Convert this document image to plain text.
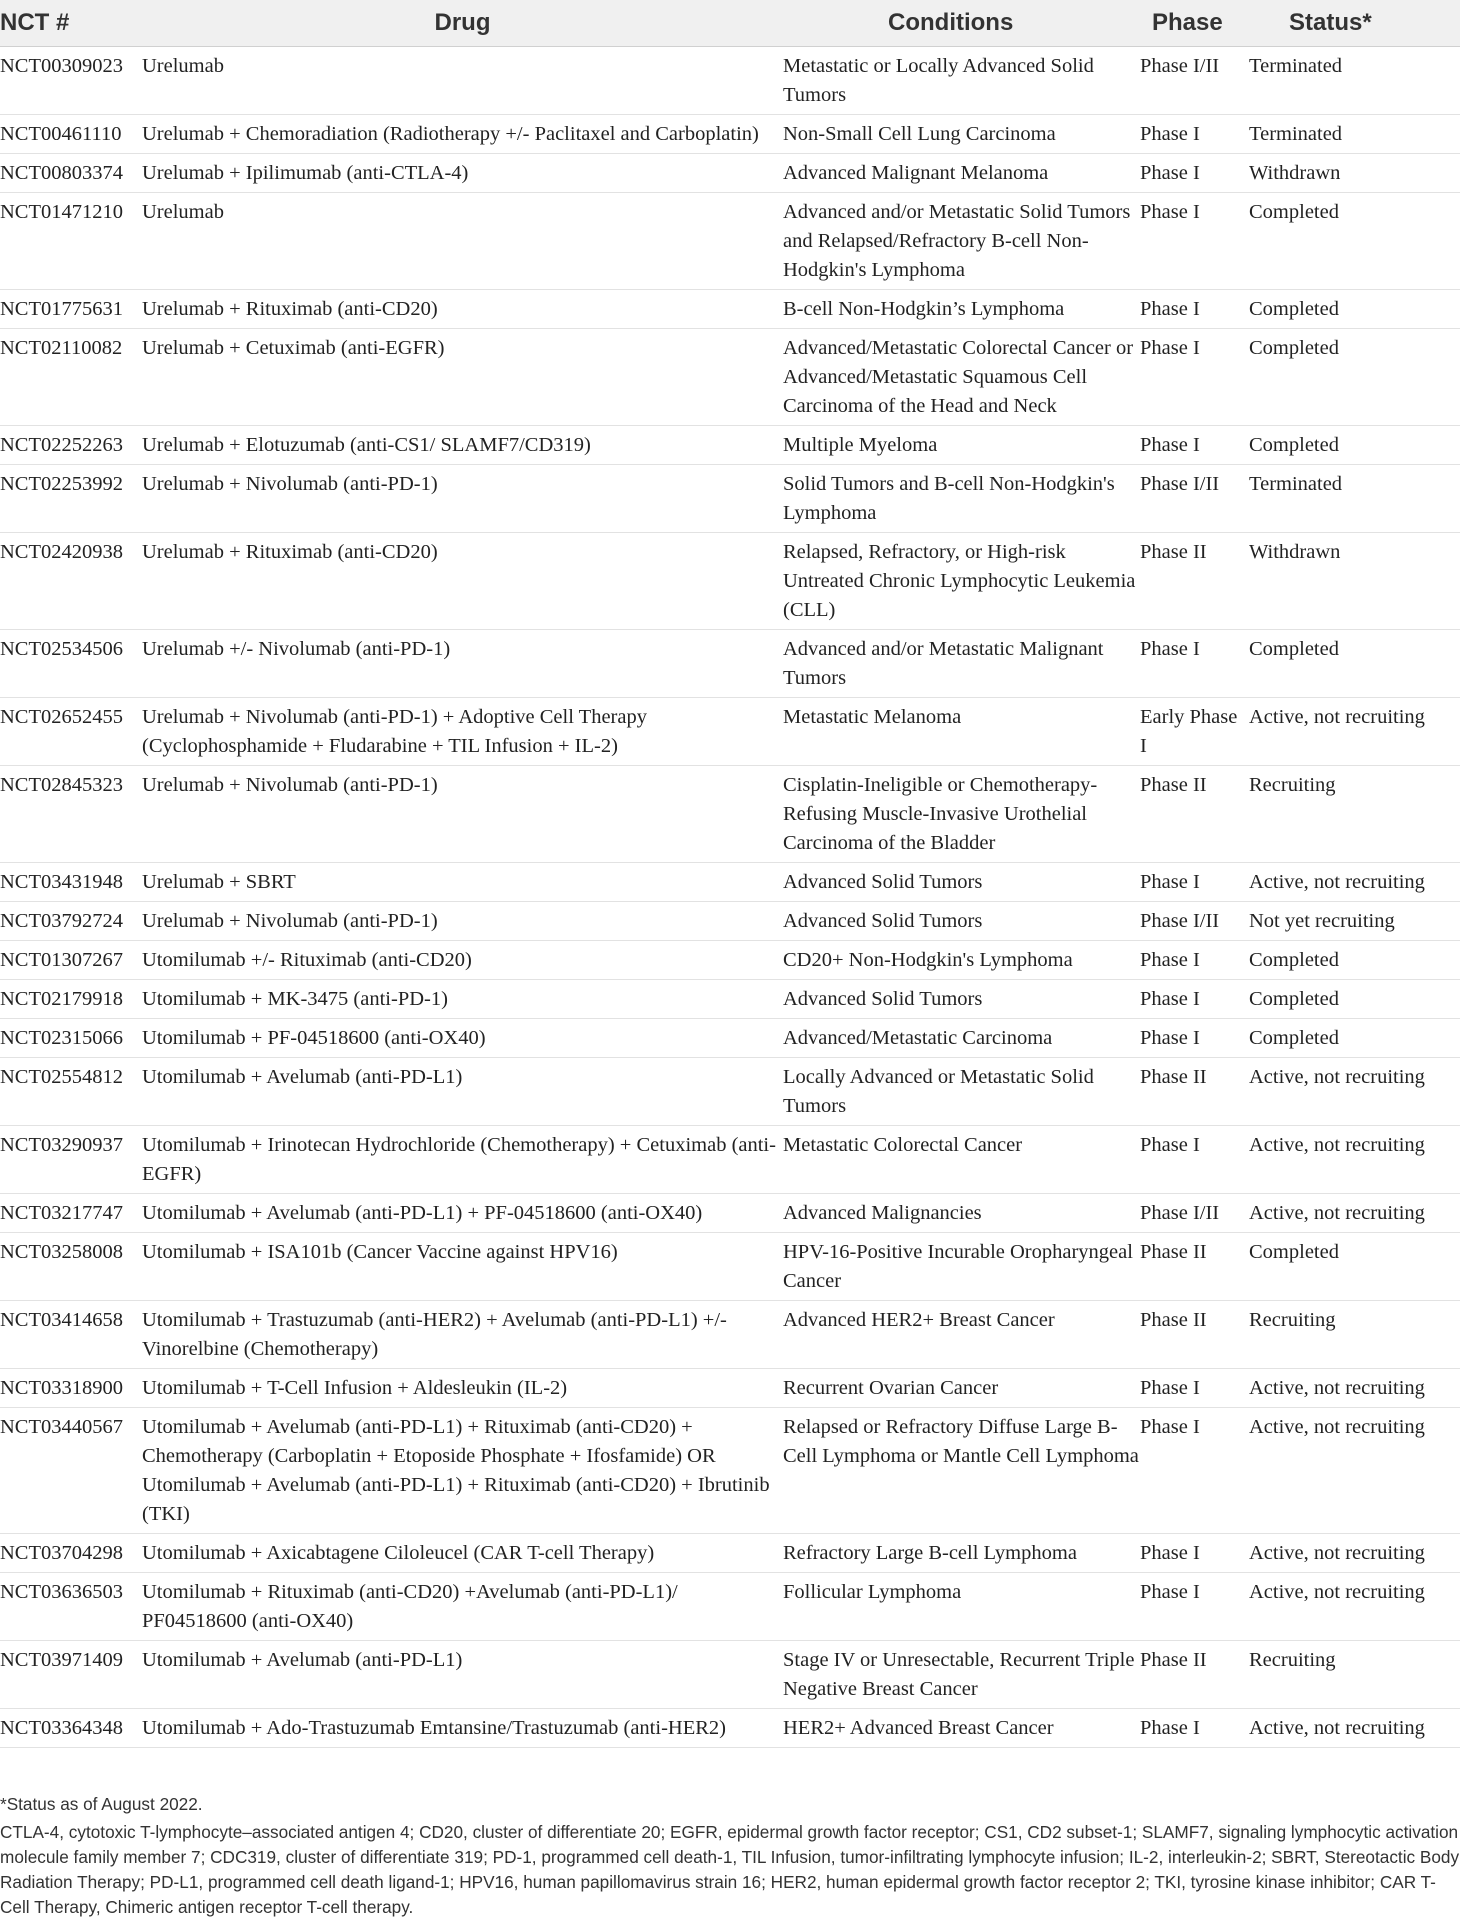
NCT #	Drug	Conditions	Phase	Status*
NCT00309023	Urelumab	Metastatic or Locally Advanced Solid Tumors	Phase I/II	Terminated
NCT00461110	Urelumab + Chemoradiation (Radiotherapy +/- Paclitaxel and Carboplatin)	Non-Small Cell Lung Carcinoma	Phase I	Terminated
NCT00803374	Urelumab + Ipilimumab (anti-CTLA-4)	Advanced Malignant Melanoma	Phase I	Withdrawn
NCT01471210	Urelumab	Advanced and/or Metastatic Solid Tumors and Relapsed/Refractory B-cell Non-Hodgkin's Lymphoma	Phase I	Completed
NCT01775631	Urelumab + Rituximab (anti-CD20)	B-cell Non-Hodgkin’s Lymphoma	Phase I	Completed
NCT02110082	Urelumab + Cetuximab (anti-EGFR)	Advanced/Metastatic Colorectal Cancer or Advanced/Metastatic Squamous Cell Carcinoma of the Head and Neck	Phase I	Completed
NCT02252263	Urelumab + Elotuzumab (anti-CS1/ SLAMF7/CD319)	Multiple Myeloma	Phase I	Completed
NCT02253992	Urelumab + Nivolumab (anti-PD-1)	Solid Tumors and B-cell Non-Hodgkin's Lymphoma	Phase I/II	Terminated
NCT02420938	Urelumab + Rituximab (anti-CD20)	Relapsed, Refractory, or High-risk Untreated Chronic Lymphocytic Leukemia (CLL)	Phase II	Withdrawn
NCT02534506	Urelumab +/- Nivolumab (anti-PD-1)	Advanced and/or Metastatic Malignant Tumors	Phase I	Completed
NCT02652455	Urelumab + Nivolumab (anti-PD-1) + Adoptive Cell Therapy (Cyclophosphamide + Fludarabine + TIL Infusion + IL-2)	Metastatic Melanoma	Early Phase I	Active, not recruiting
NCT02845323	Urelumab + Nivolumab (anti-PD-1)	Cisplatin-Ineligible or Chemotherapy-Refusing Muscle-Invasive Urothelial Carcinoma of the Bladder	Phase II	Recruiting
NCT03431948	Urelumab + SBRT	Advanced Solid Tumors	Phase I	Active, not recruiting
NCT03792724	Urelumab + Nivolumab (anti-PD-1)	Advanced Solid Tumors	Phase I/II	Not yet recruiting
NCT01307267	Utomilumab +/- Rituximab (anti-CD20)	CD20+ Non-Hodgkin's Lymphoma	Phase I	Completed
NCT02179918	Utomilumab + MK-3475 (anti-PD-1)	Advanced Solid Tumors	Phase I	Completed
NCT02315066	Utomilumab + PF-04518600 (anti-OX40)	Advanced/Metastatic Carcinoma	Phase I	Completed
NCT02554812	Utomilumab + Avelumab (anti-PD-L1)	Locally Advanced or Metastatic Solid Tumors	Phase II	Active, not recruiting
NCT03290937	Utomilumab + Irinotecan Hydrochloride (Chemotherapy) + Cetuximab (anti-EGFR)	Metastatic Colorectal Cancer	Phase I	Active, not recruiting
NCT03217747	Utomilumab + Avelumab (anti-PD-L1) + PF-04518600 (anti-OX40)	Advanced Malignancies	Phase I/II	Active, not recruiting
NCT03258008	Utomilumab + ISA101b (Cancer Vaccine against HPV16)	HPV-16-Positive Incurable Oropharyngeal Cancer	Phase II	Completed
NCT03414658	Utomilumab + Trastuzumab (anti-HER2) + Avelumab (anti-PD-L1) +/- Vinorelbine (Chemotherapy)	Advanced HER2+ Breast Cancer	Phase II	Recruiting
NCT03318900	Utomilumab + T-Cell Infusion + Aldesleukin (IL-2)	Recurrent Ovarian Cancer	Phase I	Active, not recruiting
NCT03440567	Utomilumab + Avelumab (anti-PD-L1) + Rituximab (anti-CD20) + Chemotherapy (Carboplatin + Etoposide Phosphate + Ifosfamide) OR Utomilumab + Avelumab (anti-PD-L1) + Rituximab (anti-CD20) + Ibrutinib (TKI)	Relapsed or Refractory Diffuse Large B-Cell Lymphoma or Mantle Cell Lymphoma	Phase I	Active, not recruiting
NCT03704298	Utomilumab + Axicabtagene Ciloleucel (CAR T-cell Therapy)	Refractory Large B-cell Lymphoma	Phase I	Active, not recruiting
NCT03636503	Utomilumab + Rituximab (anti-CD20) +Avelumab (anti-PD-L1)/ PF04518600 (anti-OX40)	Follicular Lymphoma	Phase I	Active, not recruiting
NCT03971409	Utomilumab + Avelumab (anti-PD-L1)	Stage IV or Unresectable, Recurrent Triple Negative Breast Cancer	Phase II	Recruiting
NCT03364348	Utomilumab + Ado-Trastuzumab Emtansine/Trastuzumab (anti-HER2)	HER2+ Advanced Breast Cancer	Phase I	Active, not recruiting

*Status as of August 2022.

CTLA-4, cytotoxic T-lymphocyte–associated antigen 4; CD20, cluster of differentiate 20; EGFR, epidermal growth factor receptor; CS1, CD2 subset-1; SLAMF7, signaling lymphocytic activation molecule family member 7; CDC319, cluster of differentiate 319; PD-1, programmed cell death-1, TIL Infusion, tumor-infiltrating lymphocyte infusion; IL-2, interleukin-2; SBRT, Stereotactic Body Radiation Therapy; PD-L1, programmed cell death ligand-1; HPV16, human papillomavirus strain 16; HER2, human epidermal growth factor receptor 2; TKI, tyrosine kinase inhibitor; CAR T-Cell Therapy, Chimeric antigen receptor T-cell therapy.
